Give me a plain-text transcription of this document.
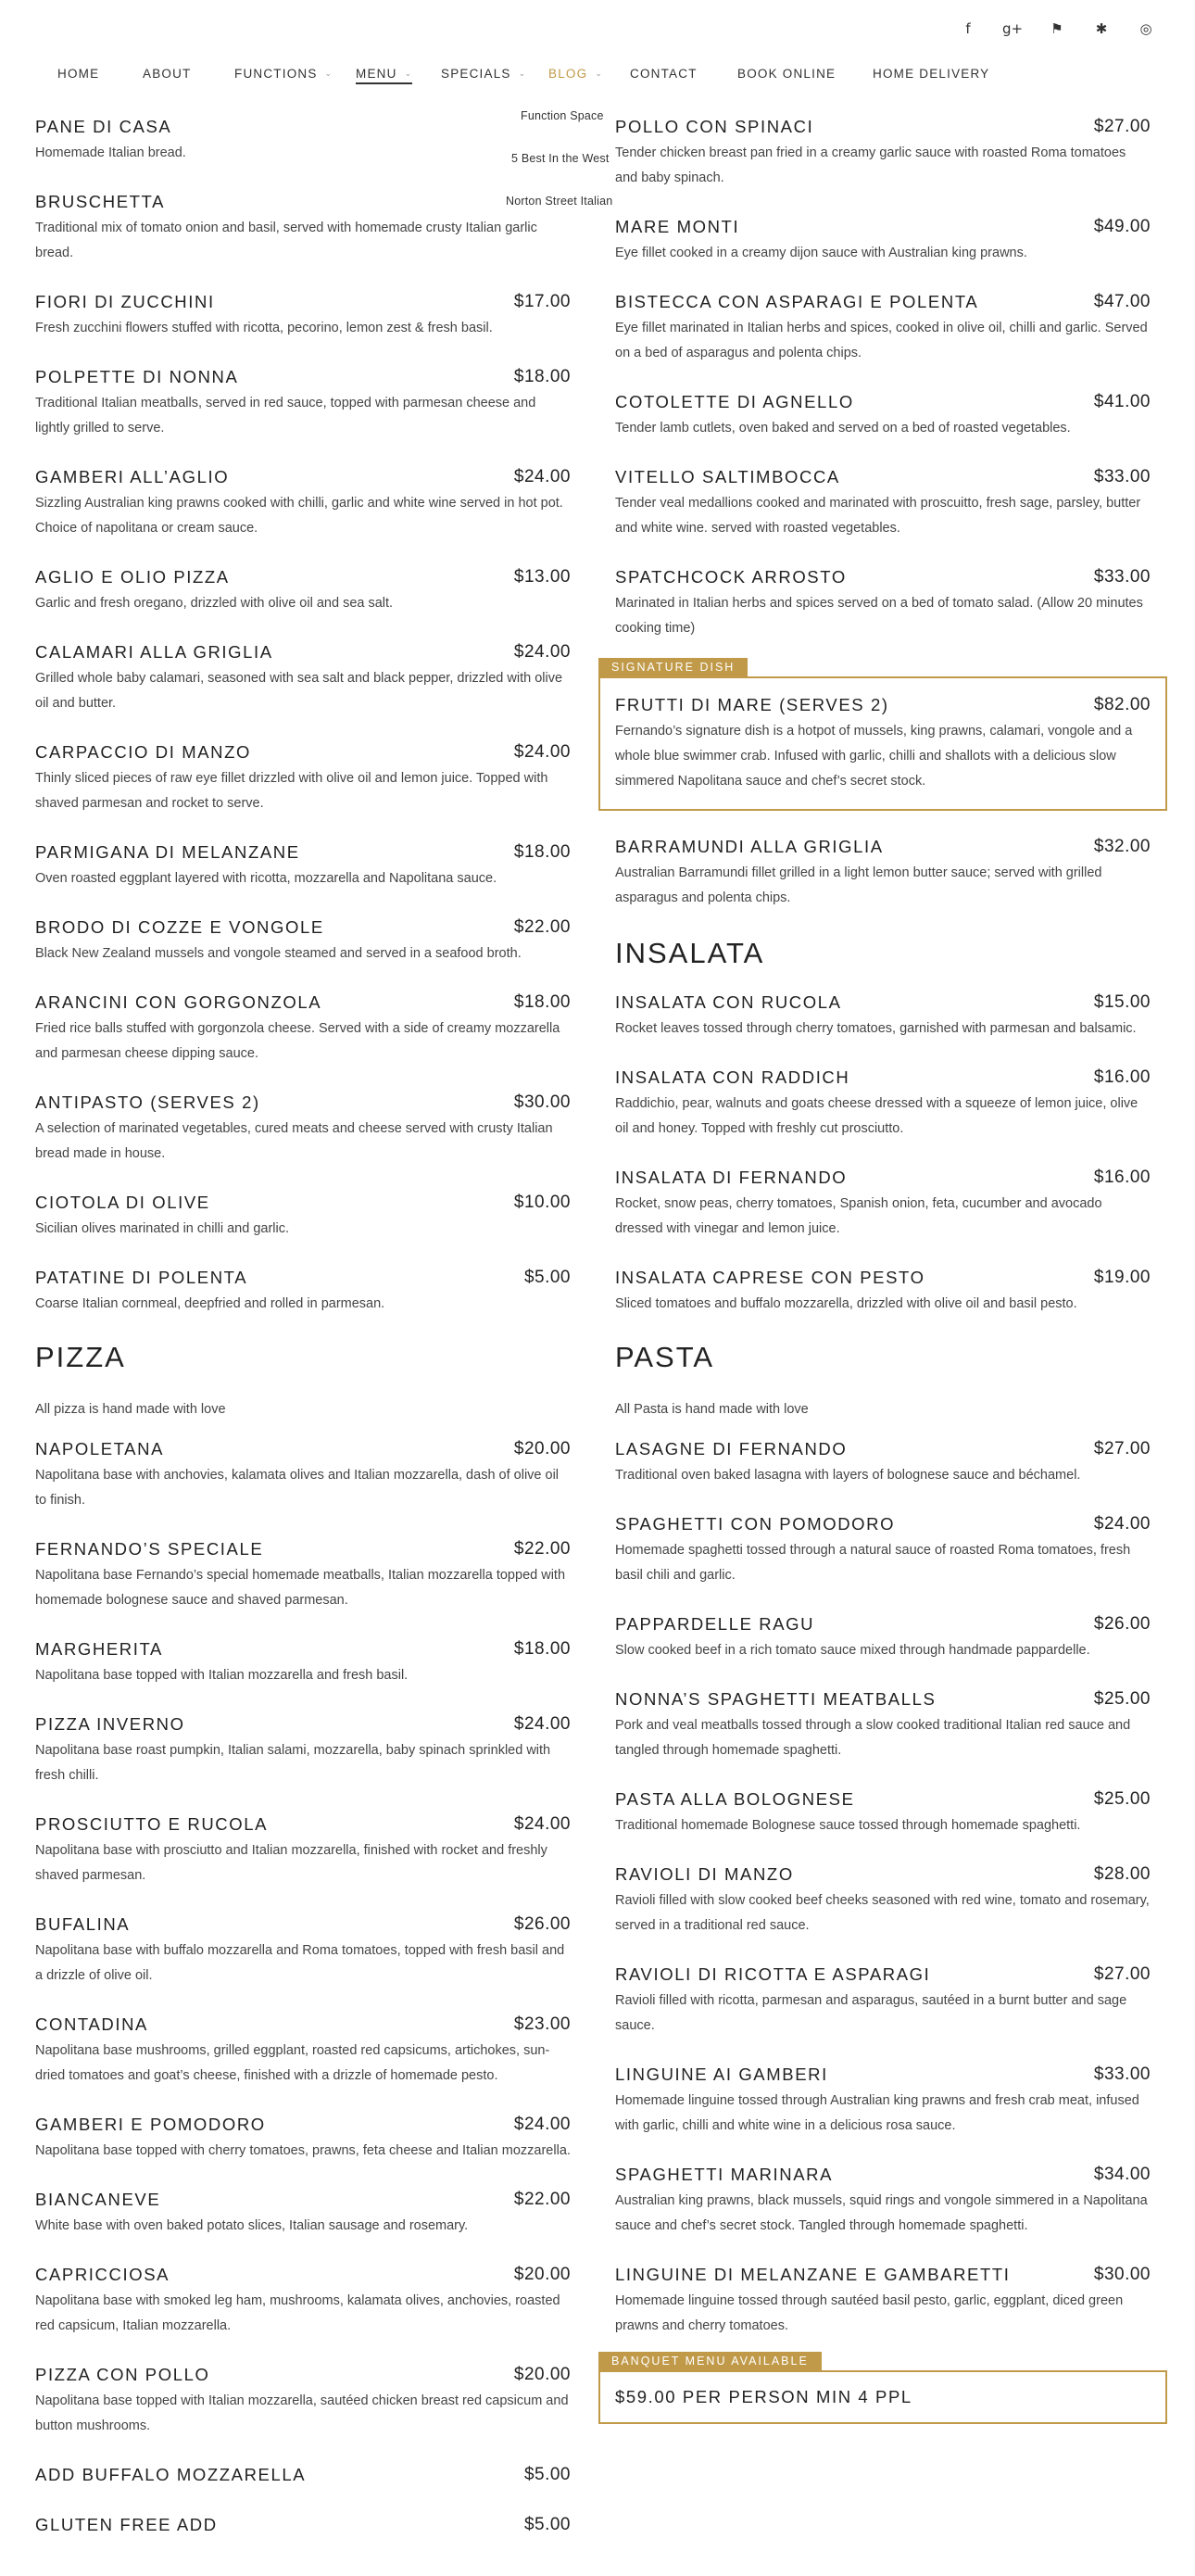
f	g+	⚑	✱	◎
HOME	ABOUT	FUNCTIONS ⌄ MENU ⌄ SPECIALS ⌄ BLOG ⌄ CONTACT	BOOK ONLINE	HOME DELIVERY
PANE DI CASA
Homemade Italian bread.
BRUSCHETTA
Traditional mix of tomato onion and basil, served with homemade crusty Italian garlic bread.
FIORI DI ZUCCHINI	$17.00
Fresh zucchini flowers stuffed with ricotta, pecorino, lemon zest & fresh basil.
POLPETTE DI NONNA	$18.00
Traditional Italian meatballs, served in red sauce, topped with parmesan cheese and lightly grilled to serve.
GAMBERI ALL’AGLIO	$24.00
Sizzling Australian king prawns cooked with chilli, garlic and white wine served in hot pot. Choice of napolitana or cream sauce.
AGLIO E OLIO PIZZA	$13.00
Garlic and fresh oregano, drizzled with olive oil and sea salt.
CALAMARI ALLA GRIGLIA	$24.00
Grilled whole baby calamari, seasoned with sea salt and black pepper, drizzled with olive oil and butter.
CARPACCIO DI MANZO	$24.00
Thinly sliced pieces of raw eye fillet drizzled with olive oil and lemon juice. Topped with shaved parmesan and rocket to serve.
PARMIGANA DI MELANZANE	$18.00
Oven roasted eggplant layered with ricotta, mozzarella and Napolitana sauce.
BRODO DI COZZE E VONGOLE	$22.00
Black New Zealand mussels and vongole steamed and served in a seafood broth.
ARANCINI CON GORGONZOLA	$18.00
Fried rice balls stuffed with gorgonzola cheese. Served with a side of creamy mozzarella and parmesan cheese dipping sauce.
ANTIPASTO (SERVES 2)	$30.00
A selection of marinated vegetables, cured meats and cheese served with crusty Italian bread made in house.
CIOTOLA DI OLIVE	$10.00
Sicilian olives marinated in chilli and garlic.
PATATINE DI POLENTA	$5.00
Coarse Italian cornmeal, deepfried and rolled in parmesan.
PIZZA
All pizza is hand made with love
NAPOLETANA	$20.00
Napolitana base with anchovies, kalamata olives and Italian mozzarella, dash of olive oil to finish.
FERNANDO’S SPECIALE	$22.00
Napolitana base Fernando’s special homemade meatballs, Italian mozzarella topped with homemade bolognese sauce and shaved parmesan.
MARGHERITA	$18.00
Napolitana base topped with Italian mozzarella and fresh basil.
PIZZA INVERNO	$24.00
Napolitana base roast pumpkin, Italian salami, mozzarella, baby spinach sprinkled with fresh chilli.
PROSCIUTTO E RUCOLA	$24.00
Napolitana base with prosciutto and Italian mozzarella, finished with rocket and freshly shaved parmesan.
BUFALINA	$26.00
Napolitana base with buffalo mozzarella and Roma tomatoes, topped with fresh basil and a drizzle of olive oil.
CONTADINA	$23.00
Napolitana base mushrooms, grilled eggplant, roasted red capsicums, artichokes, sun-dried tomatoes and goat’s cheese, finished with a drizzle of homemade pesto.
GAMBERI E POMODORO	$24.00
Napolitana base topped with cherry tomatoes, prawns, feta cheese and Italian mozzarella.
BIANCANEVE	$22.00
White base with oven baked potato slices, Italian sausage and rosemary.
CAPRICCIOSA	$20.00
Napolitana base with smoked leg ham, mushrooms, kalamata olives, anchovies, roasted red capsicum, Italian mozzarella.
PIZZA CON POLLO	$20.00
Napolitana base topped with Italian mozzarella, sautéed chicken breast red capsicum and button mushrooms.
ADD BUFFALO MOZZARELLA	$5.00
GLUTEN FREE ADD	$5.00
POLLO CON SPINACI	$27.00
Tender chicken breast pan fried in a creamy garlic sauce with roasted Roma tomatoes and baby spinach.
MARE MONTI	$49.00
Eye fillet cooked in a creamy dijon sauce with Australian king prawns.
BISTECCA CON ASPARAGI E POLENTA	$47.00
Eye fillet marinated in Italian herbs and spices, cooked in olive oil, chilli and garlic. Served on a bed of asparagus and polenta chips.
COTOLETTE DI AGNELLO	$41.00
Tender lamb cutlets, oven baked and served on a bed of roasted vegetables.
VITELLO SALTIMBOCCA	$33.00
Tender veal medallions cooked and marinated with proscuitto, fresh sage, parsley, butter and white wine. served with roasted vegetables.
SPATCHCOCK ARROSTO	$33.00
Marinated in Italian herbs and spices served on a bed of tomato salad. (Allow 20 minutes cooking time)
SIGNATURE DISH
FRUTTI DI MARE (SERVES 2)	$82.00
Fernando’s signature dish is a hotpot of mussels, king prawns, calamari, vongole and a whole blue swimmer crab. Infused with garlic, chilli and shallots with a delicious slow simmered Napolitana sauce and chef’s secret stock.
BARRAMUNDI ALLA GRIGLIA	$32.00
Australian Barramundi fillet grilled in a light lemon butter sauce; served with grilled asparagus and polenta chips.
INSALATA
INSALATA CON RUCOLA	$15.00
Rocket leaves tossed through cherry tomatoes, garnished with parmesan and balsamic.
INSALATA CON RADDICH	$16.00
Raddichio, pear, walnuts and goats cheese dressed with a squeeze of lemon juice, olive oil and honey. Topped with freshly cut prosciutto.
INSALATA DI FERNANDO	$16.00
Rocket, snow peas, cherry tomatoes, Spanish onion, feta, cucumber and avocado dressed with vinegar and lemon juice.
INSALATA CAPRESE CON PESTO	$19.00
Sliced tomatoes and buffalo mozzarella, drizzled with olive oil and basil pesto.
PASTA
All Pasta is hand made with love
LASAGNE DI FERNANDO	$27.00
Traditional oven baked lasagna with layers of bolognese sauce and béchamel.
SPAGHETTI CON POMODORO	$24.00
Homemade spaghetti tossed through a natural sauce of roasted Roma tomatoes, fresh basil chili and garlic.
PAPPARDELLE RAGU	$26.00
Slow cooked beef in a rich tomato sauce mixed through handmade pappardelle.
NONNA’S SPAGHETTI MEATBALLS	$25.00
Pork and veal meatballs tossed through a slow cooked traditional Italian red sauce and tangled through homemade spaghetti.
PASTA ALLA BOLOGNESE	$25.00
Traditional homemade Bolognese sauce tossed through homemade spaghetti.
RAVIOLI DI MANZO	$28.00
Ravioli filled with slow cooked beef cheeks seasoned with red wine, tomato and rosemary, served in a traditional red sauce.
RAVIOLI DI RICOTTA E ASPARAGI	$27.00
Ravioli filled with ricotta, parmesan and asparagus, sautéed in a burnt butter and sage sauce.
LINGUINE AI GAMBERI	$33.00
Homemade linguine tossed through Australian king prawns and fresh crab meat, infused with garlic, chilli and white wine in a delicious rosa sauce.
SPAGHETTI MARINARA	$34.00
Australian king prawns, black mussels, squid rings and vongole simmered in a Napolitana sauce and chef’s secret stock. Tangled through homemade spaghetti.
LINGUINE DI MELANZANE E GAMBARETTI	$30.00
Homemade linguine tossed through sautéed basil pesto, garlic, eggplant, diced green prawns and cherry tomatoes.
BANQUET MENU AVAILABLE
$59.00 PER PERSON MIN 4 PPL
Function Space
5 Best In the West
Norton Street Italian
